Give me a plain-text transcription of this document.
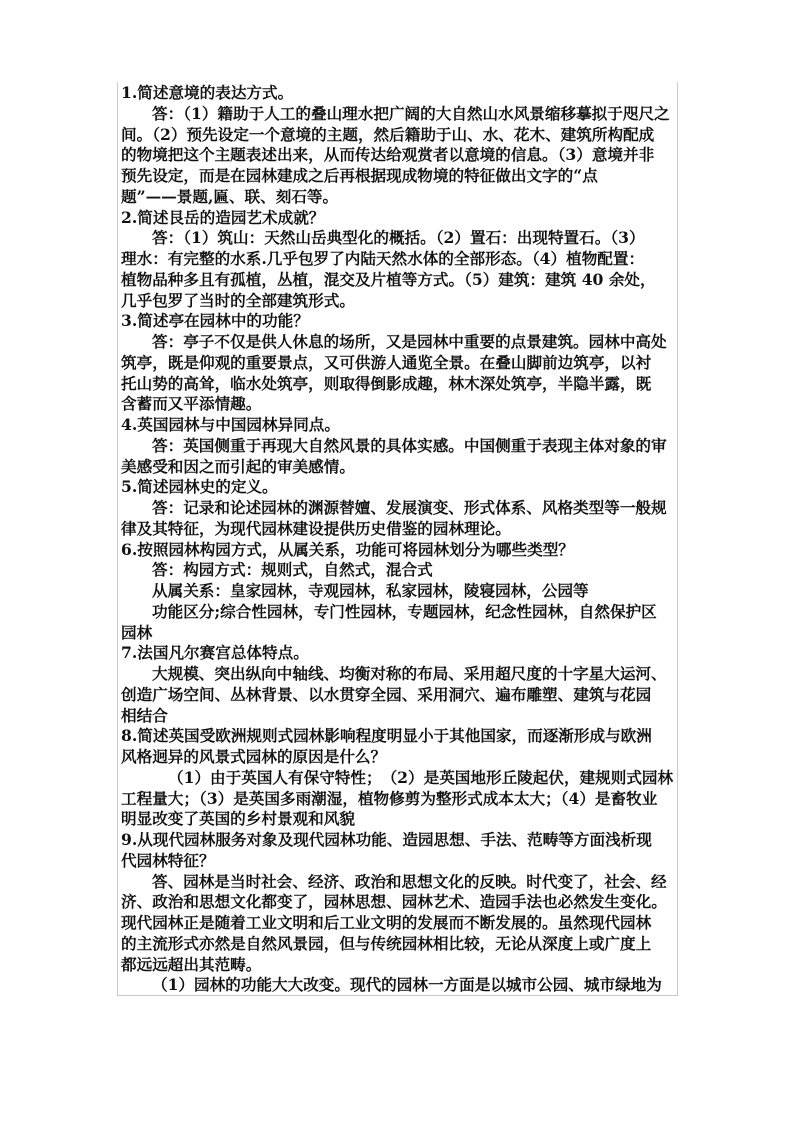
1.简述意境的表达方式。
答：（1）籍助于人工的叠山理水把广阔的大自然山水风景缩移摹拟于咫尺之
间。（2）预先设定一个意境的主题，然后籍助于山、水、花木、建筑所构配成
的物境把这个主题表述出来，从而传达给观赏者以意境的信息。（3）意境并非
预先设定，而是在园林建成之后再根据现成物境的特征做出文字的“点
题”——景题,匾、联、刻石等。
2.简述艮岳的造园艺术成就？
答：（1）筑山：天然山岳典型化的概括。（2）置石：出现特置石。（3）
理水：有完整的水系.几乎包罗了内陆天然水体的全部形态。（4）植物配置：
植物品种多且有孤植，丛植，混交及片植等方式。（5）建筑：建筑 40 余处，
几乎包罗了当时的全部建筑形式。
3.简述亭在园林中的功能？
答：亭子不仅是供人休息的场所，又是园林中重要的点景建筑。园林中高处
筑亭，既是仰观的重要景点，又可供游人通览全景。在叠山脚前边筑亭，以衬
托山势的高耸，临水处筑亭，则取得倒影成趣，林木深处筑亭，半隐半露，既
含蓄而又平添情趣。
4.英国园林与中国园林异同点。
答：英国侧重于再现大自然风景的具体实感。中国侧重于表现主体对象的审
美感受和因之而引起的审美感情。
5.简述园林史的定义。
答：记录和论述园林的渊源替嬗、发展演变、形式体系、风格类型等一般规
律及其特征，为现代园林建设提供历史借鉴的园林理论。
6.按照园林构园方式，从属关系，功能可将园林划分为哪些类型？
答：构园方式：规则式，自然式，混合式
从属关系：皇家园林，寺观园林，私家园林，陵寝园林，公园等
功能区分;综合性园林，专门性园林，专题园林，纪念性园林，自然保护区
园林
7.法国凡尔赛宫总体特点。
大规模、突出纵向中轴线、均衡对称的布局、采用超尺度的十字星大运河、
创造广场空间、丛林背景、以水贯穿全园、采用洞穴、遍布雕塑、建筑与花园
相结合
8.简述英国受欧洲规则式园林影响程度明显小于其他国家，而逐渐形成与欧洲
风格迥异的风景式园林的原因是什么？
（1）由于英国人有保守特性；　（2）是英国地形丘陵起伏，建规则式园林
工程量大；（3）是英国多雨潮湿，植物修剪为整形式成本太大；（4）是畜牧业
明显改变了英国的乡村景观和风貌
9.从现代园林服务对象及现代园林功能、造园思想、手法、范畴等方面浅析现
代园林特征？
答、园林是当时社会、经济、政治和思想文化的反映。时代变了，社会、经
济、政治和思想文化都变了，园林思想、园林艺术、造园手法也必然发生变化。
现代园林正是随着工业文明和后工业文明的发展而不断发展的。虽然现代园林
的主流形式亦然是自然风景园，但与传统园林相比较，无论从深度上或广度上
都远远超出其范畴。
（1）园林的功能大大改变。现代的园林一方面是以城市公园、城市绿地为
